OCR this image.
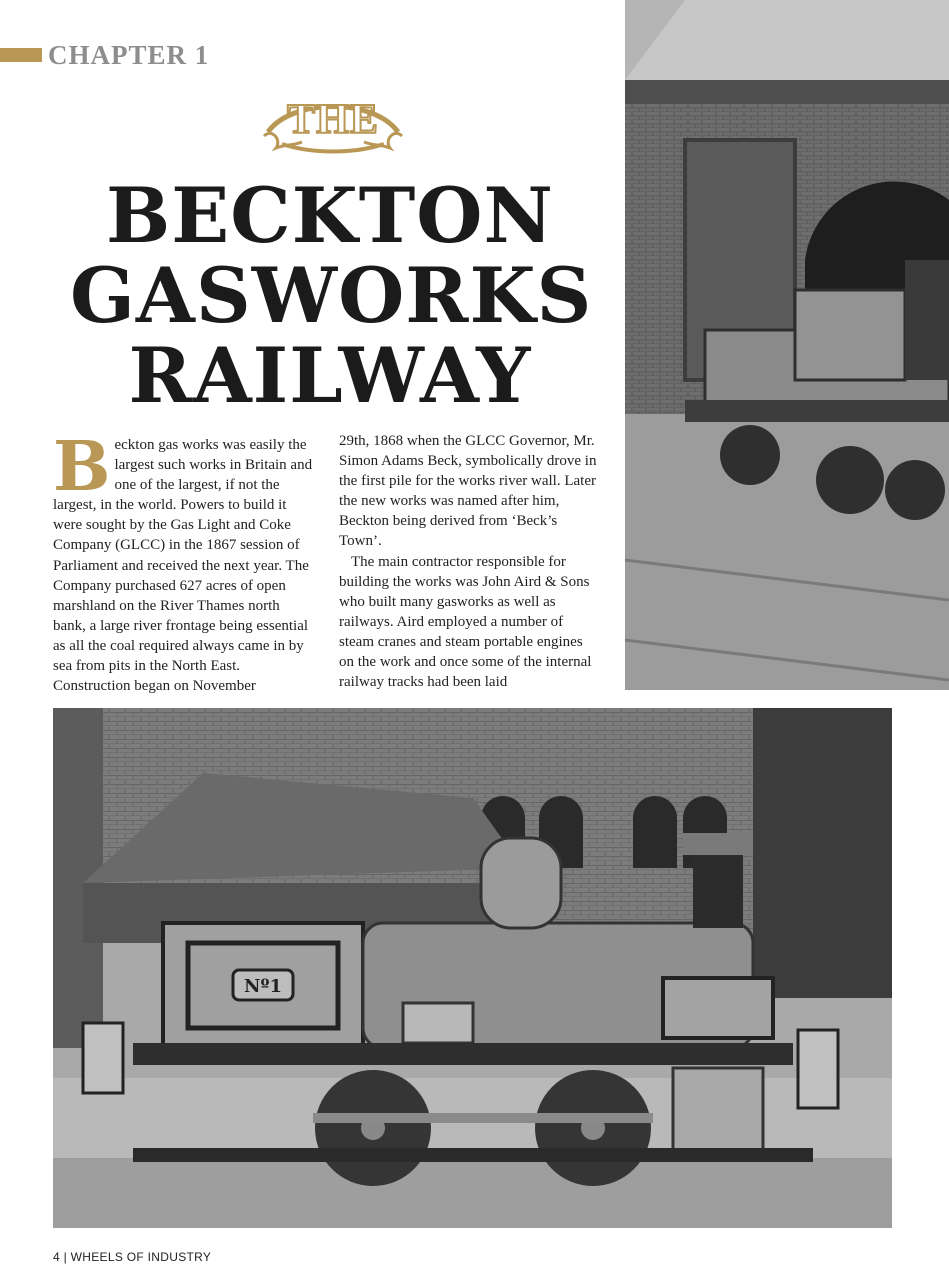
CHAPTER 1
THE
BECKTON
GASWORKS
RAILWAY

Beckton gas works was easily the largest such works in Britain and one of the largest, if not the largest, in the world. Powers to build it were sought by the Gas Light and Coke Company (GLCC) in the 1867 session of Parliament and received the next year. The Company purchased 627 acres of open marshland on the River Thames north bank, a large river frontage being essential as all the coal required always came in by sea from pits in the North East. Construction began on November

29th, 1868 when the GLCC Governor, Mr. Simon Adams Beck, symbolically drove in the first pile for the works river wall. Later the new works was named after him, Beckton being derived from ‘Beck’s Town’.

The main contractor responsible for building the works was John Aird & Sons who built many gasworks as well as railways. Aird employed a number of steam cranes and steam portable engines on the work and once some of the internal railway tracks had been laid

Nº1
4 | WHEELS OF INDUSTRY
